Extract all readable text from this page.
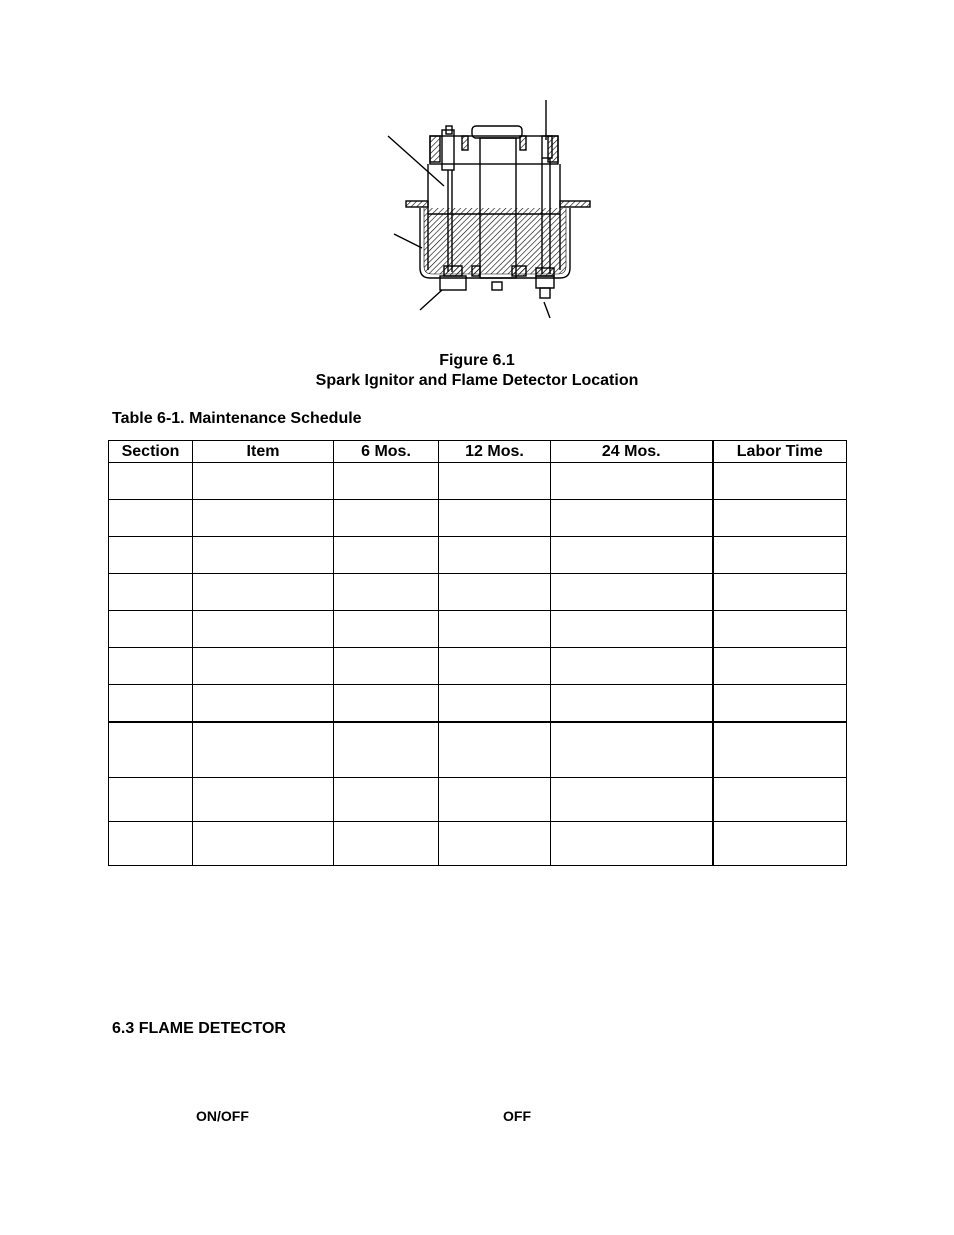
Figure 6.1
Spark Ignitor and Flame Detector Location
Table 6-1. Maintenance Schedule
Section	Item	6 Mos.	12 Mos.	24 Mos.	Labor Time

6.3 FLAME DETECTOR
ON/OFF	OFF
